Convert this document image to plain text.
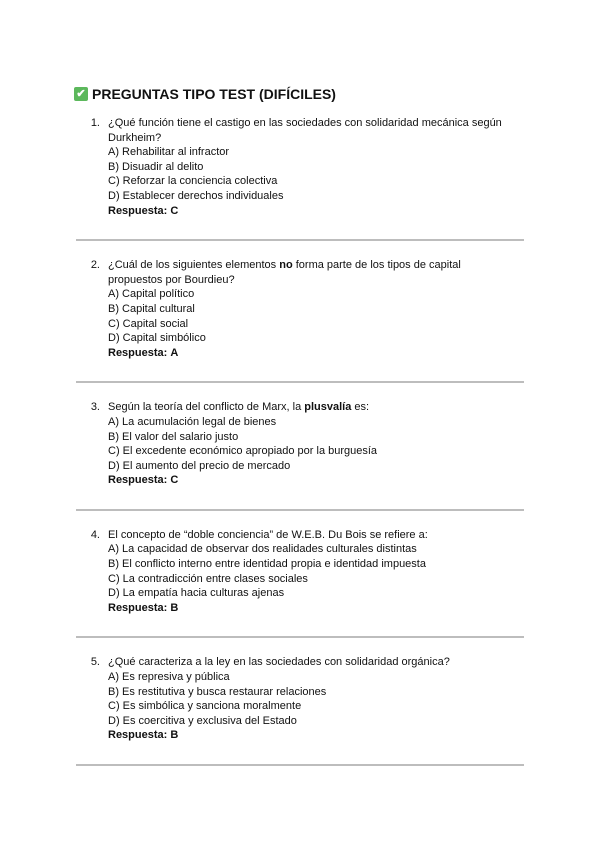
✔ PREGUNTAS TIPO TEST (DIFÍCILES)
1. ¿Qué función tiene el castigo en las sociedades con solidaridad mecánica según Durkheim?
A) Rehabilitar al infractor
B) Disuadir al delito
C) Reforzar la conciencia colectiva
D) Establecer derechos individuales
Respuesta: C
2. ¿Cuál de los siguientes elementos no forma parte de los tipos de capital propuestos por Bourdieu?
A) Capital político
B) Capital cultural
C) Capital social
D) Capital simbólico
Respuesta: A
3. Según la teoría del conflicto de Marx, la plusvalía es:
A) La acumulación legal de bienes
B) El valor del salario justo
C) El excedente económico apropiado por la burguesía
D) El aumento del precio de mercado
Respuesta: C
4. El concepto de “doble conciencia” de W.E.B. Du Bois se refiere a:
A) La capacidad de observar dos realidades culturales distintas
B) El conflicto interno entre identidad propia e identidad impuesta
C) La contradicción entre clases sociales
D) La empatía hacia culturas ajenas
Respuesta: B
5. ¿Qué caracteriza a la ley en las sociedades con solidaridad orgánica?
A) Es represiva y pública
B) Es restitutiva y busca restaurar relaciones
C) Es simbólica y sanciona moralmente
D) Es coercitiva y exclusiva del Estado
Respuesta: B
